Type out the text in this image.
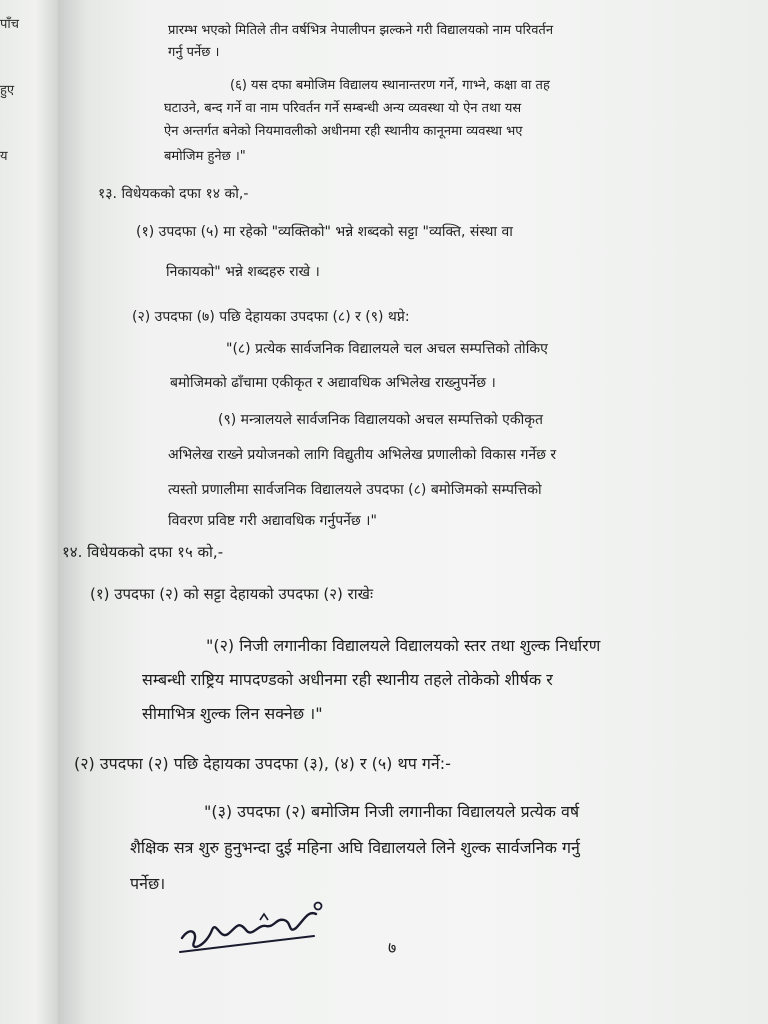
पाँच
हुए
य
प्रारम्भ भएको मितिले तीन वर्षभित्र नेपालीपन झल्कने गरी विद्यालयको नाम परिवर्तन
गर्नु पर्नेछ ।
(६) यस दफा बमोजिम विद्यालय स्थानान्तरण गर्ने, गाभ्ने, कक्षा वा तह
घटाउने, बन्द गर्ने वा नाम परिवर्तन गर्ने सम्बन्धी अन्य व्यवस्था यो ऐन तथा यस
ऐन अन्तर्गत बनेको नियमावलीको अधीनमा रही स्थानीय कानूनमा व्यवस्था भए
बमोजिम हुनेछ ।"
१३. विधेयकको दफा १४ को,-
(१) उपदफा (५) मा रहेको "व्यक्तिको" भन्ने शब्दको सट्टा "व्यक्ति, संस्था वा
निकायको" भन्ने शब्दहरु राखे ।
(२) उपदफा (७) पछि देहायका उपदफा (८) र (९) थप्ने:
"(८) प्रत्येक सार्वजनिक विद्यालयले चल अचल सम्पत्तिको तोकिए
बमोजिमको ढाँचामा एकीकृत र अद्यावधिक अभिलेख राख्नुपर्नेछ ।
(९) मन्त्रालयले सार्वजनिक विद्यालयको अचल सम्पत्तिको एकीकृत
अभिलेख राख्ने प्रयोजनको लागि विद्युतीय अभिलेख प्रणालीको विकास गर्नेछ र
त्यस्तो प्रणालीमा सार्वजनिक विद्यालयले उपदफा (८) बमोजिमको सम्पत्तिको
विवरण प्रविष्ट गरी अद्यावधिक गर्नुपर्नेछ ।"
१४. विधेयकको दफा १५ को,-
(१) उपदफा (२) को सट्टा देहायको उपदफा (२) राखेः
"(२) निजी लगानीका विद्यालयले विद्यालयको स्तर तथा शुल्क निर्धारण
सम्बन्धी राष्ट्रिय मापदण्डको अधीनमा रही स्थानीय तहले तोकेको शीर्षक र
सीमाभित्र शुल्क लिन सक्नेछ ।"
(२) उपदफा (२) पछि देहायका उपदफा (३), (४) र (५) थप गर्ने:-
"(३) उपदफा (२) बमोजिम निजी लगानीका विद्यालयले प्रत्येक वर्ष
शैक्षिक सत्र शुरु हुनुभन्दा दुई महिना अघि विद्यालयले लिने शुल्क सार्वजनिक गर्नु
पर्नेछ।
७
